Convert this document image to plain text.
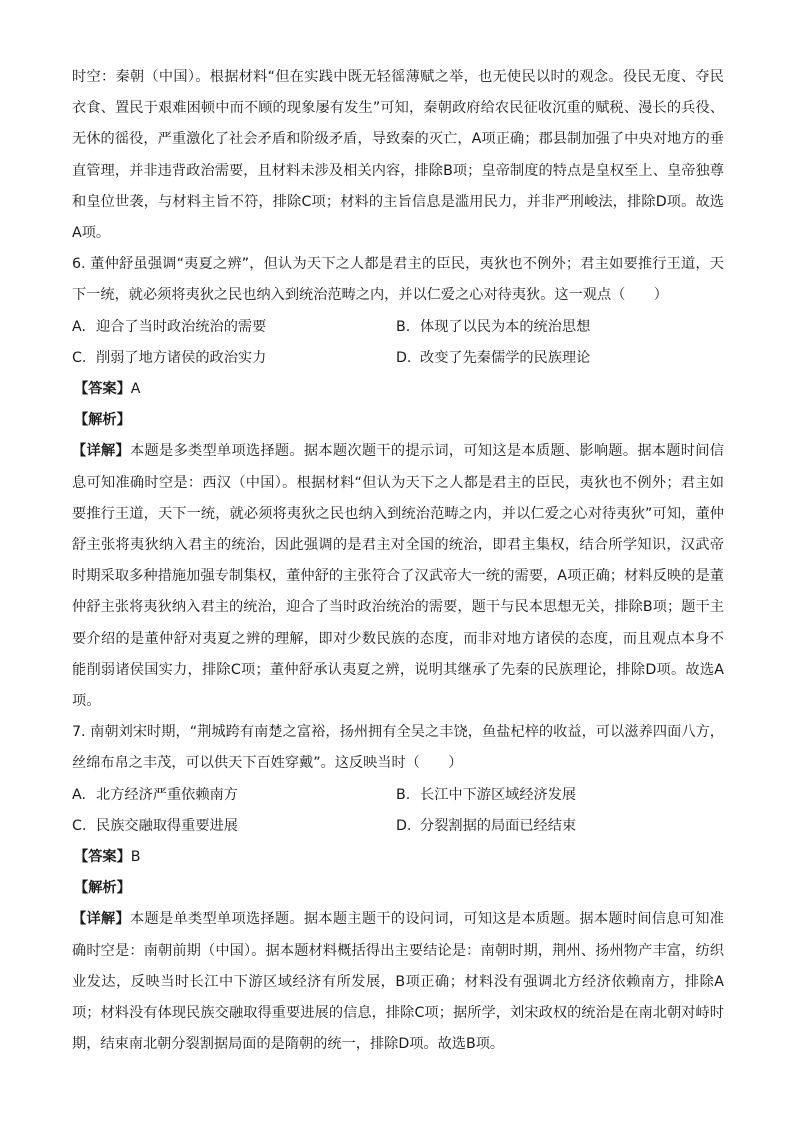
时空：秦朝（中国）。根据材料“但在实践中既无轻徭薄赋之举，也无使民以时的观念。役民无度、夺民衣食、置民于艰难困顿中而不顾的现象屡有发生”可知，秦朝政府给农民征收沉重的赋税、漫长的兵役、无休的徭役，严重激化了社会矛盾和阶级矛盾，导致秦的灭亡，A项正确；郡县制加强了中央对地方的垂直管理，并非违背政治需要，且材料未涉及相关内容，排除B项；皇帝制度的特点是皇权至上、皇帝独尊和皇位世袭，与材料主旨不符，排除C项；材料的主旨信息是滥用民力，并非严刑峻法，排除D项。故选A项。

6. 董仲舒虽强调“夷夏之辨”，但认为天下之人都是君主的臣民，夷狄也不例外；君主如要推行王道，天下一统，就必须将夷狄之民也纳入到统治范畴之内，并以仁爱之心对待夷狄。这一观点（　　）

A. 迎合了当时政治统治的需要	B. 体现了以民为本的统治思想
C. 削弱了地方诸侯的政治实力	D. 改变了先秦儒学的民族理论

【答案】A

【解析】

【详解】本题是多类型单项选择题。据本题次题干的提示词，可知这是本质题、影响题。据本题时间信息可知准确时空是：西汉（中国）。根据材料“但认为天下之人都是君主的臣民，夷狄也不例外；君主如要推行王道，天下一统，就必须将夷狄之民也纳入到统治范畴之内，并以仁爱之心对待夷狄”可知，董仲舒主张将夷狄纳入君主的统治，因此强调的是君主对全国的统治，即君主集权，结合所学知识，汉武帝时期采取多种措施加强专制集权，董仲舒的主张符合了汉武帝大一统的需要，A项正确；材料反映的是董仲舒主张将夷狄纳入君主的统治，迎合了当时政治统治的需要，题干与民本思想无关，排除B项；题干主要介绍的是董仲舒对夷夏之辨的理解，即对少数民族的态度，而非对地方诸侯的态度，而且观点本身不能削弱诸侯国实力，排除C项；董仲舒承认夷夏之辨，说明其继承了先秦的民族理论，排除D项。故选A项。

7. 南朝刘宋时期，“荆城跨有南楚之富裕，扬州拥有全吴之丰饶，鱼盐杞梓的收益，可以滋养四面八方，丝绵布帛之丰茂，可以供天下百姓穿戴”。这反映当时（　　）

A. 北方经济严重依赖南方	B. 长江中下游区域经济发展
C. 民族交融取得重要进展	D. 分裂割据的局面已经结束

【答案】B

【解析】

【详解】本题是单类型单项选择题。据本题主题干的设问词，可知这是本质题。据本题时间信息可知准确时空是：南朝前期（中国）。据本题材料概括得出主要结论是：南朝时期，荆州、扬州物产丰富，纺织业发达，反映当时长江中下游区域经济有所发展，B项正确；材料没有强调北方经济依赖南方，排除A项；材料没有体现民族交融取得重要进展的信息，排除C项；据所学，刘宋政权的统治是在南北朝对峙时期，结束南北朝分裂割据局面的是隋朝的统一，排除D项。故选B项。
